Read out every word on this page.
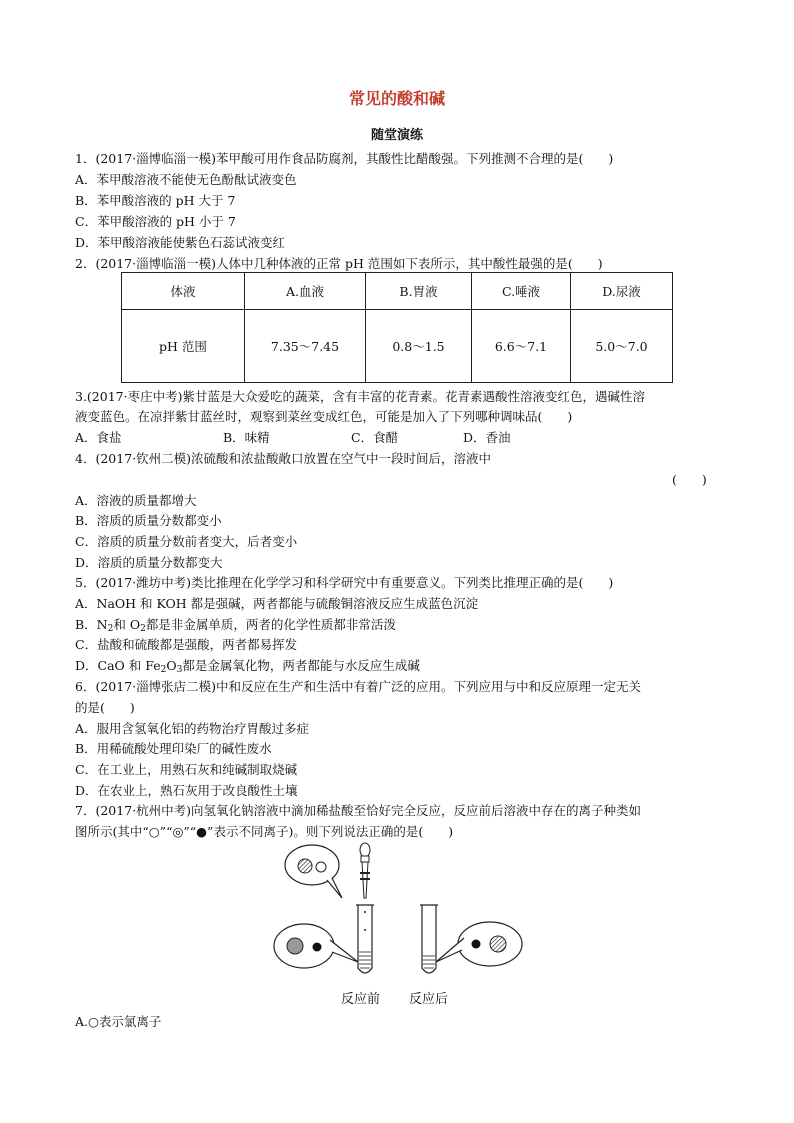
常见的酸和碱
随堂演练
1．(2017·淄博临淄一模)苯甲酸可用作食品防腐剂，其酸性比醋酸强。下列推测不合理的是(　　)
A．苯甲酸溶液不能使无色酚酞试液变色
B．苯甲酸溶液的 pH 大于 7
C．苯甲酸溶液的 pH 小于 7
D．苯甲酸溶液能使紫色石蕊试液变红
2．(2017·淄博临淄一模)人体中几种体液的正常 pH 范围如下表所示，其中酸性最强的是(　　)
体液	A.血液	B.胃液	C.唾液	D.尿液
pH 范围	7.35～7.45	0.8～1.5	6.6～7.1	5.0～7.0
3.(2017·枣庄中考)紫甘蓝是大众爱吃的蔬菜，含有丰富的花青素。花青素遇酸性溶液变红色，遇碱性溶
液变蓝色。在凉拌紫甘蓝丝时，观察到菜丝变成红色，可能是加入了下列哪种调味品(　　)
A．食盐	B．味精	C．食醋	D．香油
4．(2017·钦州二模)浓硫酸和浓盐酸敞口放置在空气中一段时间后，溶液中
(　　)
A．溶液的质量都增大
B．溶质的质量分数都变小
C．溶质的质量分数前者变大，后者变小
D．溶质的质量分数都变大
5．(2017·潍坊中考)类比推理在化学学习和科学研究中有重要意义。下列类比推理正确的是(　　)
A．NaOH 和 KOH 都是强碱，两者都能与硫酸铜溶液反应生成蓝色沉淀
B．$N_2$和 $O_2$都是非金属单质，两者的化学性质都非常活泼
C．盐酸和硫酸都是强酸，两者都易挥发
D．CaO 和 $Fe_2O_3$都是金属氧化物，两者都能与水反应生成碱
6．(2017·淄博张店二模)中和反应在生产和生活中有着广泛的应用。下列应用与中和反应原理一定无关
的是(　　)
A．服用含氢氧化铝的药物治疗胃酸过多症
B．用稀硫酸处理印染厂的碱性废水
C．在工业上，用熟石灰和纯碱制取烧碱
D．在农业上，熟石灰用于改良酸性土壤
7．(2017·杭州中考)向氢氧化钠溶液中滴加稀盐酸至恰好完全反应，反应前后溶液中存在的离子种类如
图所示(其中“○”“◎”“●”表示不同离子)。则下列说法正确的是(　　)
反应前 反应后
A.○表示氯离子
